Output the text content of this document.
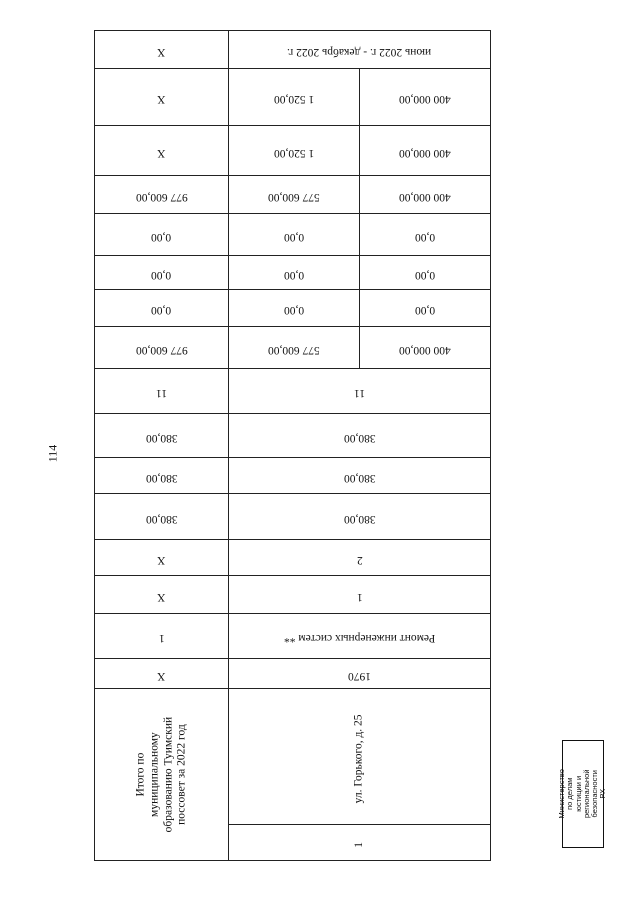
114
X	июнь 2022 г. - декабрь 2022 г.	
X	1 520,00	400 000,00
X	1 520,00	400 000,00
977 600,00	577 600,00	400 000,00
0,00	0,00	0,00
0,00	0,00	0,00
0,00	0,00	0,00
977 600,00	577 600,00	400 000,00
11	11	
380,00	380,00	
380,00	380,00	
380,00	380,00	
X	2	
X	1	
1	Ремонт инженерных систем **	
X	1970	
Итого по муниципальному образованию Туимский поссовет за 2022 год	ул. Горького, д. 25	
	1	
Министерство по делам юстиции и региональной безопасности РХ
